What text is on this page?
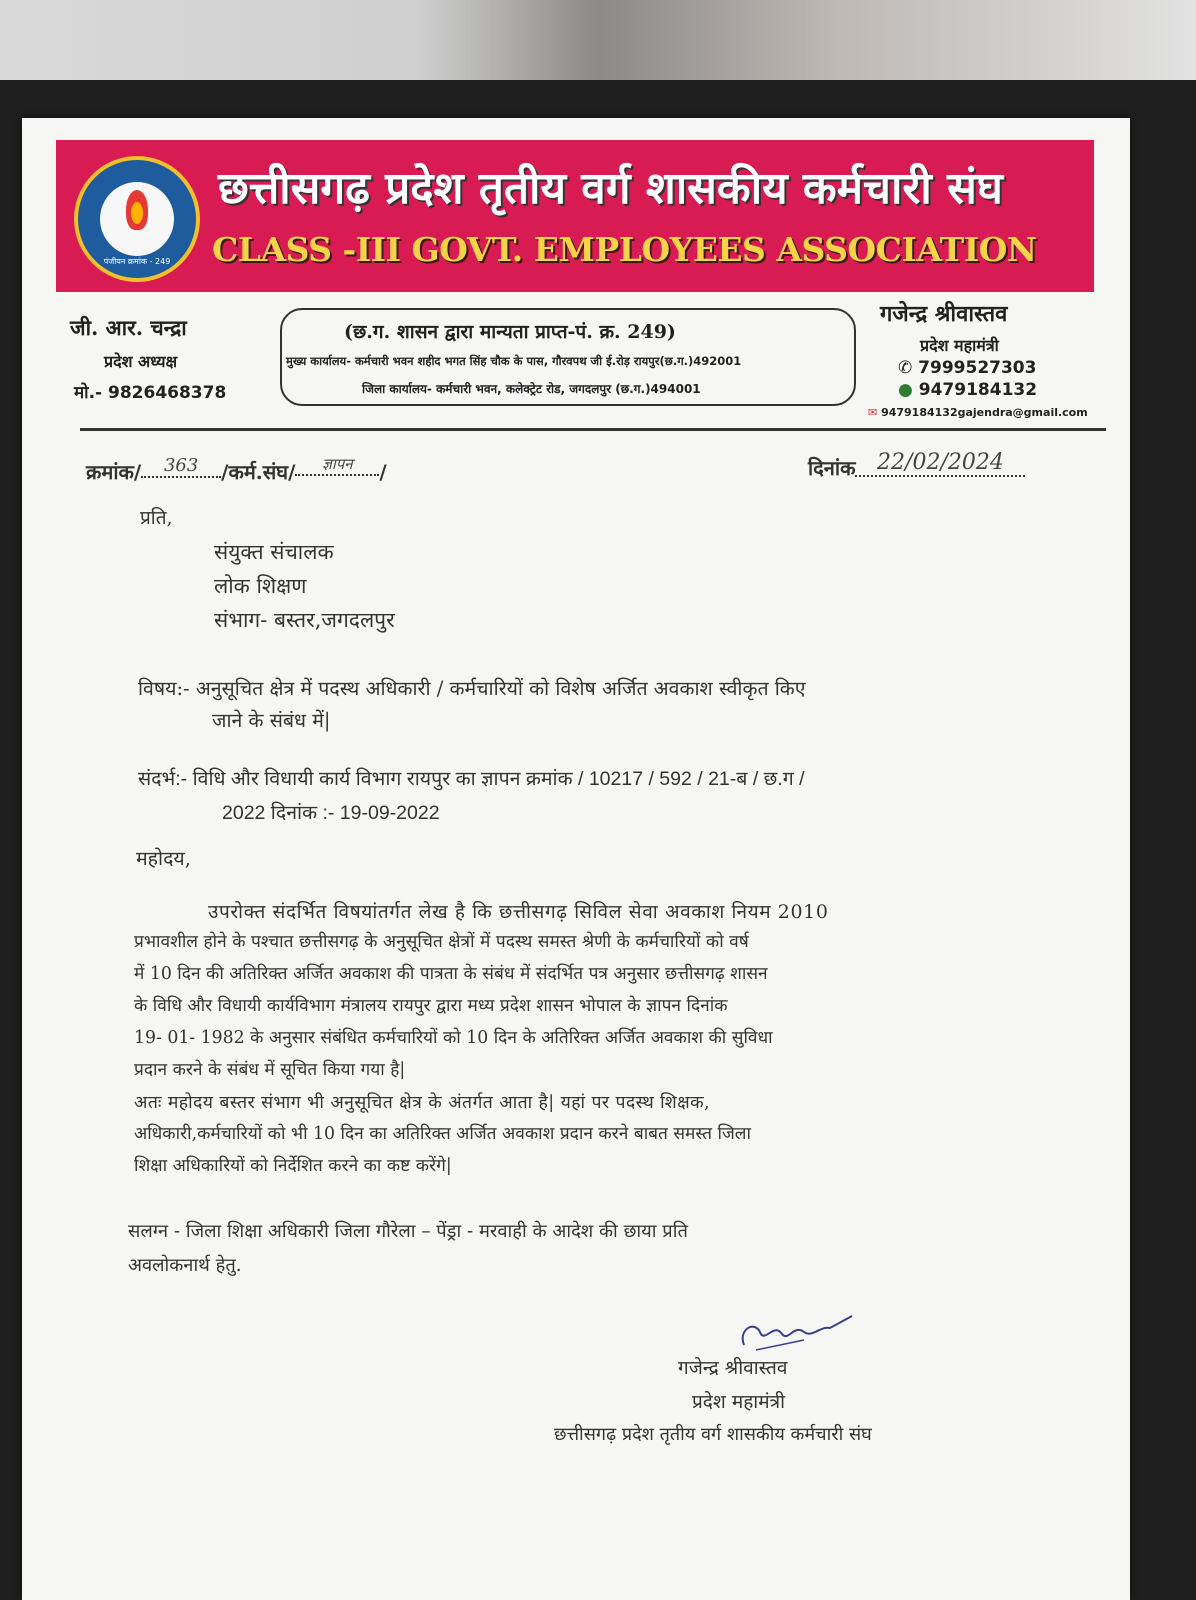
पंजीयन क्रमांक - 249
छत्तीसगढ़ प्रदेश तृतीय वर्ग शासकीय कर्मचारी संघ
CLASS -III GOVT. EMPLOYEES ASSOCIATION
जी. आर. चन्द्रा
प्रदेश अध्यक्ष
मो.- 9826468378
(छ.ग. शासन द्वारा मान्यता प्राप्त-पं. क्र. 249)
मुख्य कार्यालय- कर्मचारी भवन शहीद भगत सिंह चौक के पास, गौरवपथ जी ई.रोड़ रायपुर(छ.ग.)492001
जिला कार्यालय- कर्मचारी भवन, कलेक्ट्रेट रोड, जगदलपुर (छ.ग.)494001
गजेन्द्र श्रीवास्तव
प्रदेश महामंत्री
✆ 7999527303
● 9479184132
✉ 9479184132gajendra@gmail.com
क्रमांक/ 363 /कर्म.संघ/ ज्ञापन /	दिनांक 22/02/2024
प्रति,
संयुक्त संचालक
लोक शिक्षण
संभाग- बस्तर,जगदलपुर
विषय:- अनुसूचित क्षेत्र में पदस्थ अधिकारी / कर्मचारियों को विशेष अर्जित अवकाश स्वीकृत किए
जाने के संबंध में|
संदर्भ:- विधि और विधायी कार्य विभाग रायपुर का ज्ञापन क्रमांक / 10217 / 592 / 21-ब / छ.ग /
2022 दिनांक :- 19-09-2022
महोदय,
उपरोक्त संदर्भित विषयांतर्गत लेख है कि छत्तीसगढ़ सिविल सेवा अवकाश नियम 2010
प्रभावशील होने के पश्चात छत्तीसगढ़ के अनुसूचित क्षेत्रों में पदस्थ समस्त श्रेणी के कर्मचारियों को वर्ष
में 10 दिन की अतिरिक्त अर्जित अवकाश की पात्रता के संबंध में संदर्भित पत्र अनुसार छत्तीसगढ़ शासन
के विधि और विधायी कार्यविभाग मंत्रालय रायपुर द्वारा मध्य प्रदेश शासन भोपाल के ज्ञापन दिनांक
19- 01- 1982 के अनुसार संबंधित कर्मचारियों को 10 दिन के अतिरिक्त अर्जित अवकाश की सुविधा
प्रदान करने के संबंध में सूचित किया गया है|
अतः महोदय बस्तर संभाग भी अनुसूचित क्षेत्र के अंतर्गत आता है| यहां पर पदस्थ शिक्षक,
अधिकारी,कर्मचारियों को भी 10 दिन का अतिरिक्त अर्जित अवकाश प्रदान करने बाबत समस्त जिला
शिक्षा अधिकारियों को निर्देशित करने का कष्ट करेंगे|
सलग्न - जिला शिक्षा अधिकारी जिला गौरेला – पेंड्रा - मरवाही के आदेश की छाया प्रति
अवलोकनार्थ हेतु.
गजेन्द्र श्रीवास्तव
प्रदेश महामंत्री
छत्तीसगढ़ प्रदेश तृतीय वर्ग शासकीय कर्मचारी संघ
